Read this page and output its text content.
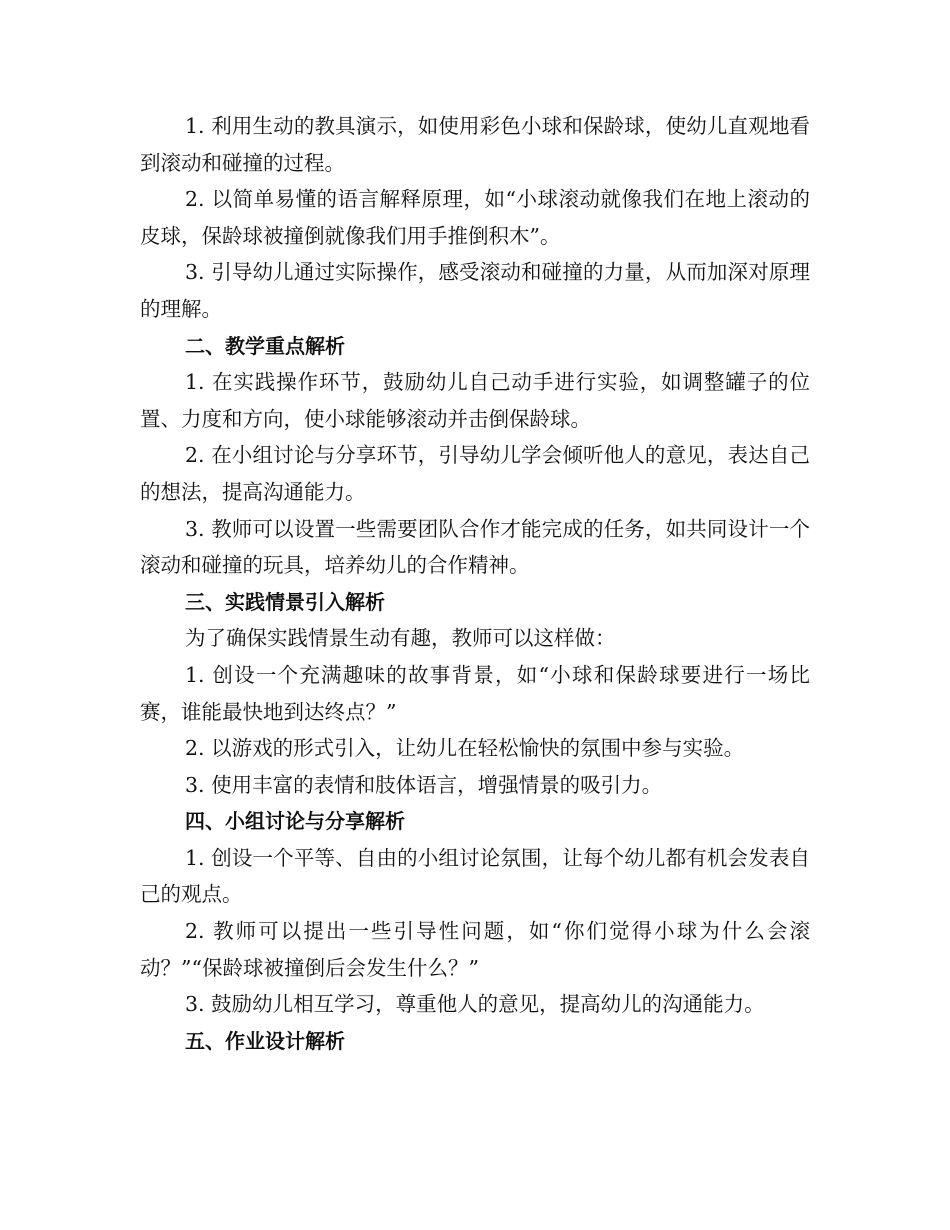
1. 利用生动的教具演示，如使用彩色小球和保龄球，使幼儿直观地看到滚动和碰撞的过程。

2. 以简单易懂的语言解释原理，如“小球滚动就像我们在地上滚动的皮球，保龄球被撞倒就像我们用手推倒积木”。

3. 引导幼儿通过实际操作，感受滚动和碰撞的力量，从而加深对原理的理解。

二、教学重点解析

1. 在实践操作环节，鼓励幼儿自己动手进行实验，如调整罐子的位置、力度和方向，使小球能够滚动并击倒保龄球。

2. 在小组讨论与分享环节，引导幼儿学会倾听他人的意见，表达自己的想法，提高沟通能力。

3. 教师可以设置一些需要团队合作才能完成的任务，如共同设计一个滚动和碰撞的玩具，培养幼儿的合作精神。

三、实践情景引入解析

为了确保实践情景生动有趣，教师可以这样做：

1. 创设一个充满趣味的故事背景，如“小球和保龄球要进行一场比赛，谁能最快地到达终点？”

2. 以游戏的形式引入，让幼儿在轻松愉快的氛围中参与实验。

3. 使用丰富的表情和肢体语言，增强情景的吸引力。

四、小组讨论与分享解析

1. 创设一个平等、自由的小组讨论氛围，让每个幼儿都有机会发表自己的观点。

2. 教师可以提出一些引导性问题，如“你们觉得小球为什么会滚动？”“保龄球被撞倒后会发生什么？”

3. 鼓励幼儿相互学习，尊重他人的意见，提高幼儿的沟通能力。

五、作业设计解析
